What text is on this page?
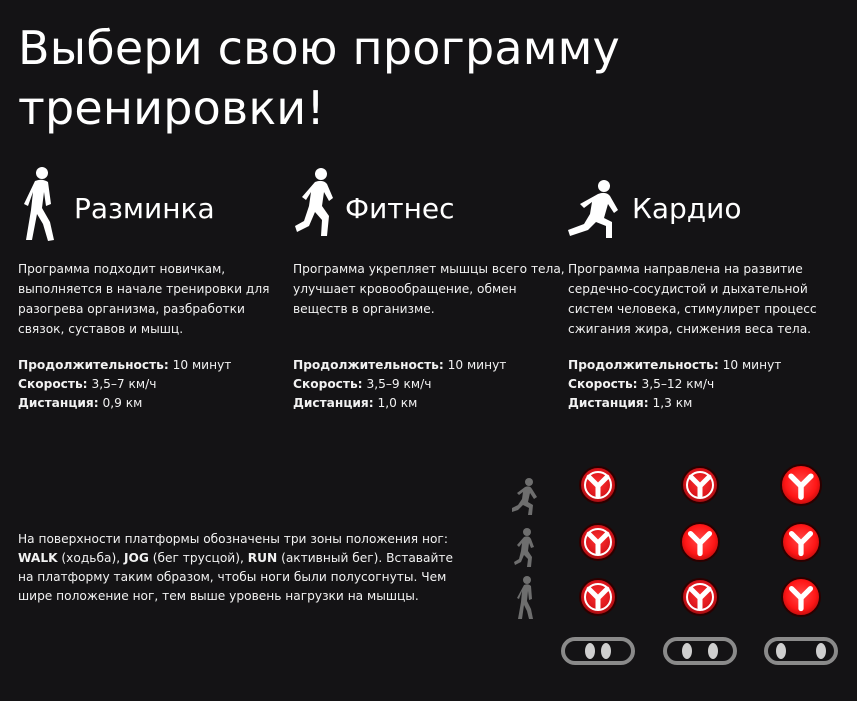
Выбери свою программу тренировки!
Разминка
Программа подходит новичкам, выполняется в начале тренировки для разогрева организма, разбработки связок, суставов и мышц.
Продолжительность: 10 минут
Скорость: 3,5–7 км/ч
Дистанция: 0,9 км
Фитнес
Программа укрепляет мышцы всего тела, улучшает кровообращение, обмен веществ в организме.
Продолжительность: 10 минут
Скорость: 3,5–9 км/ч
Дистанция: 1,0 км
Кардио
Программа направлена на развитие сердечно-сосудистой и дыхательной систем человека, стимулирет процесс сжигания жира, снижения веса тела.
Продолжительность: 10 минут
Скорость: 3,5–12 км/ч
Дистанция: 1,3 км
На поверхности платформы обозначены три зоны положения ног:
WALK (ходьба), JOG (бег трусцой), RUN (активный бег). Вставайте на платформу таким образом, чтобы ноги были полусогнуты. Чем шире положение ног, тем выше уровень нагрузки на мышцы.
